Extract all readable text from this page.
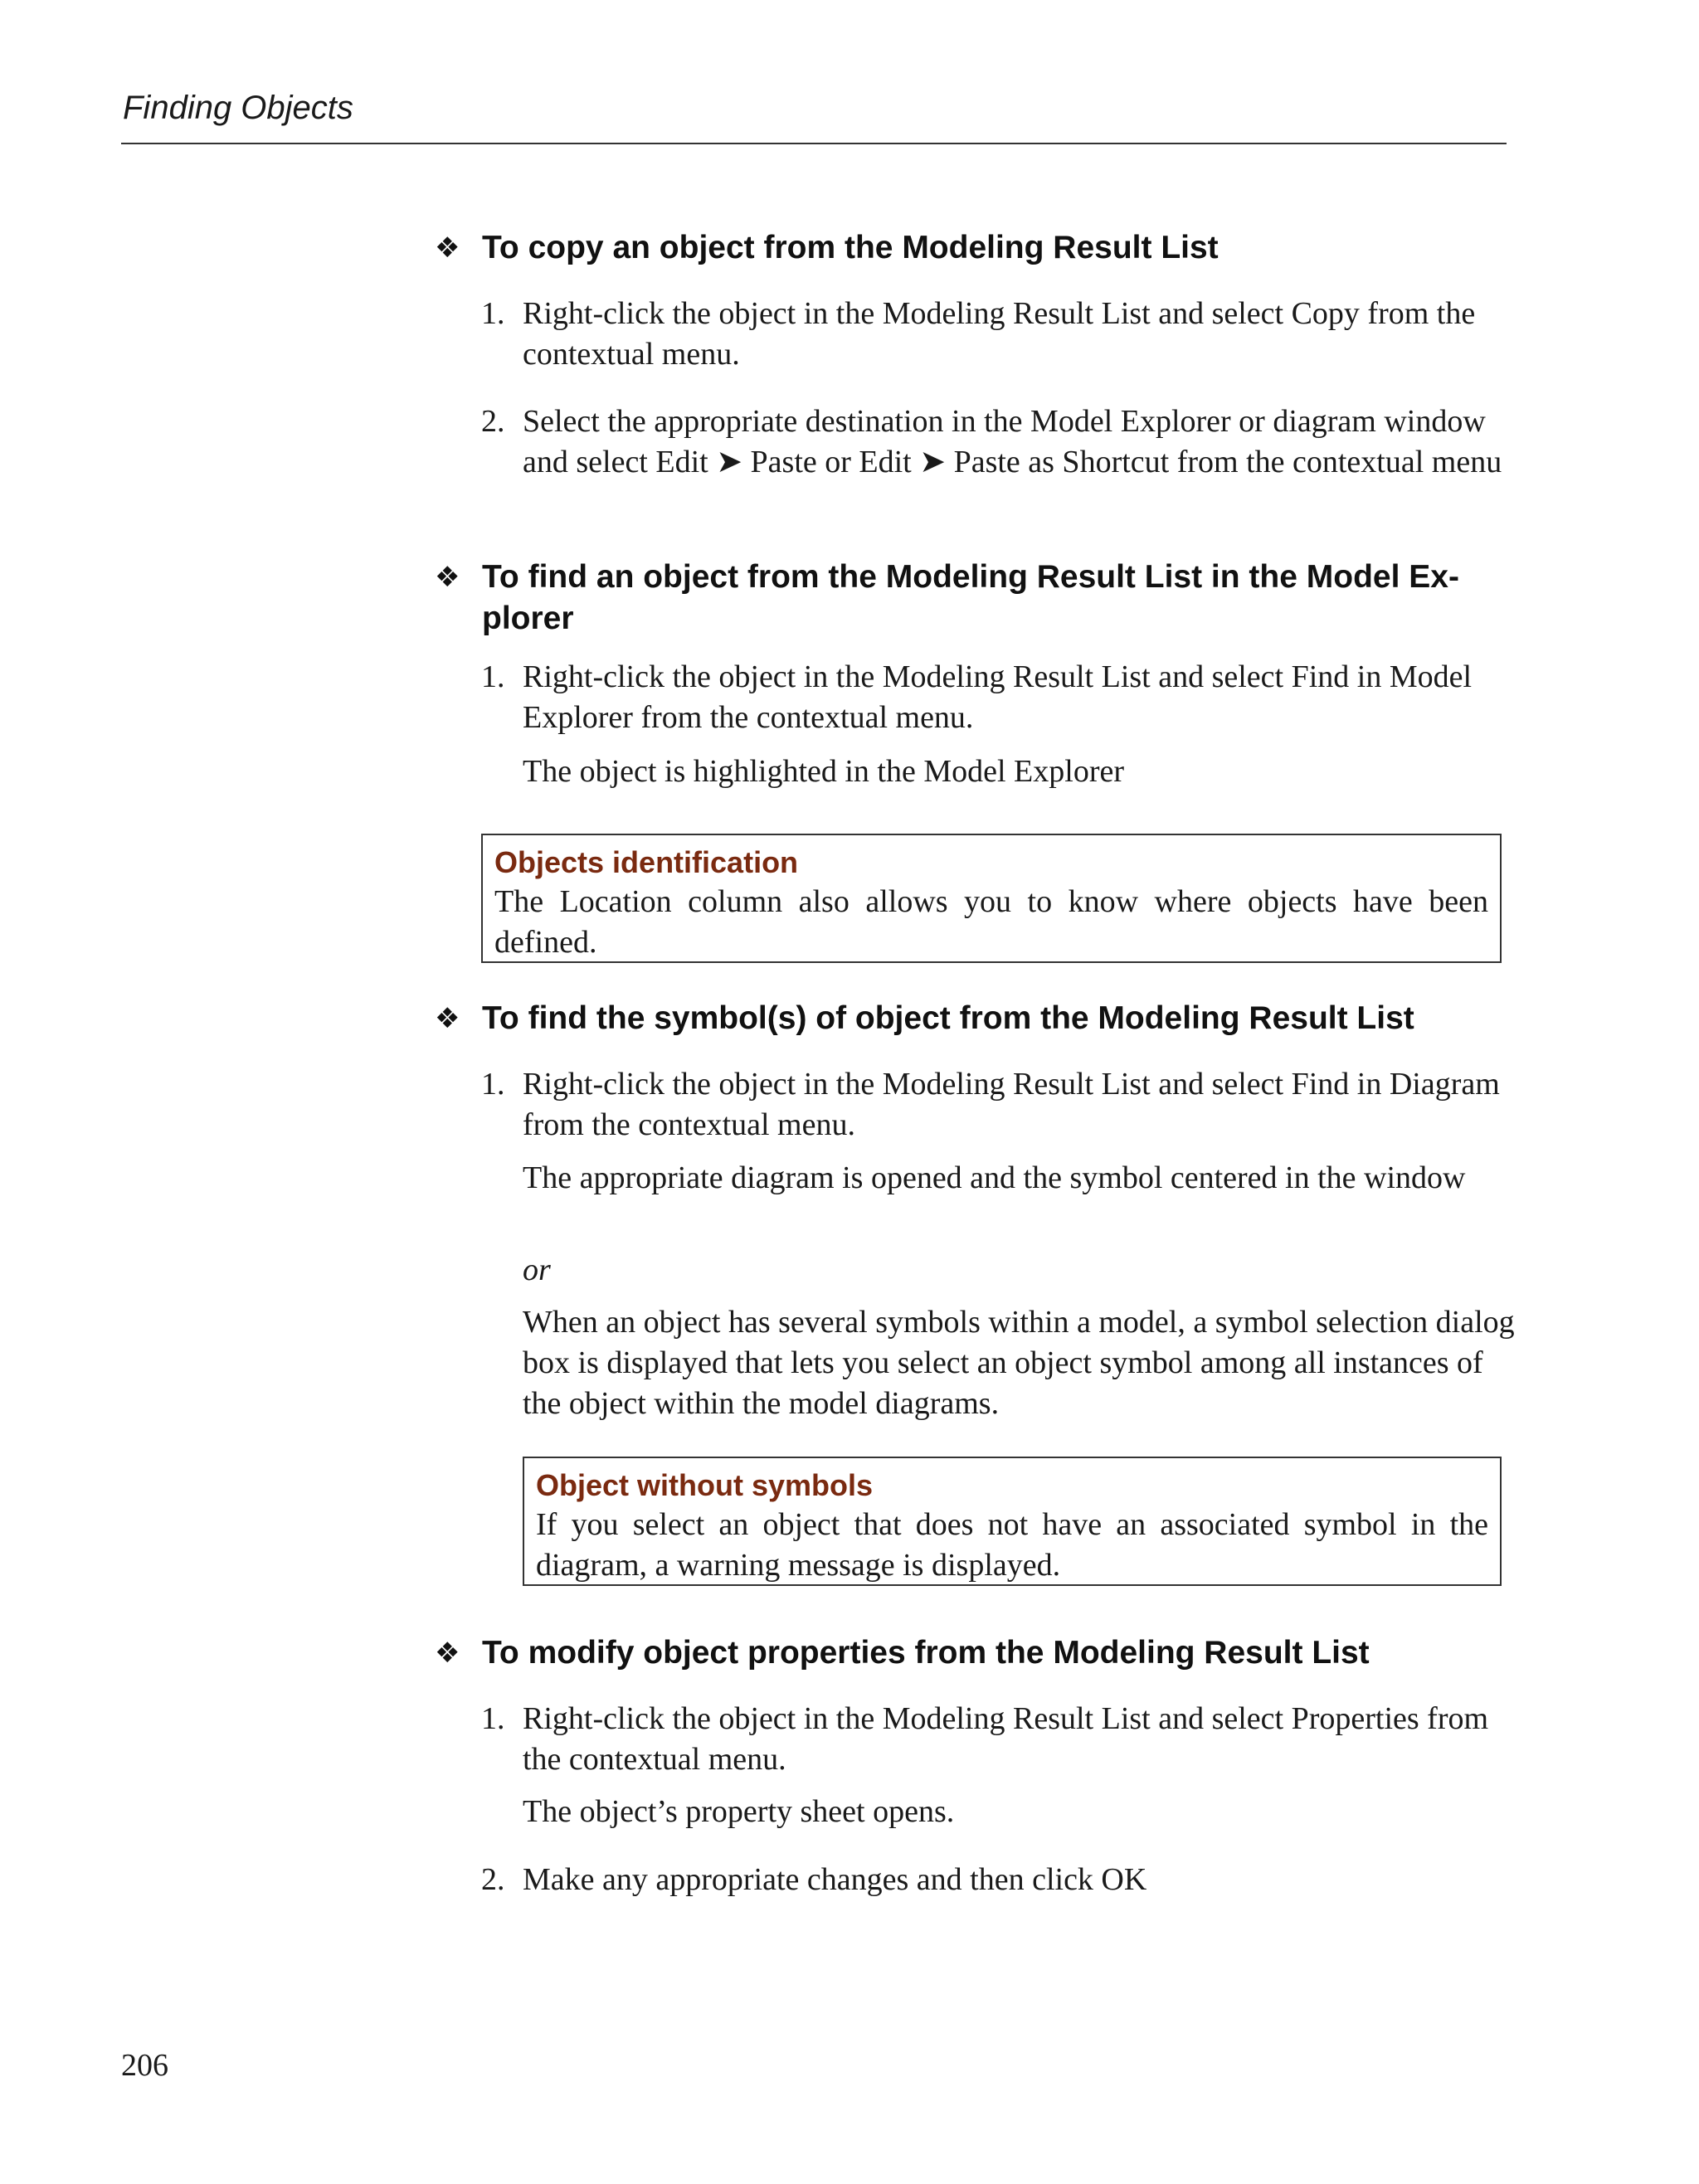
Finding Objects
❖ To copy an object from the Modeling Result List
1. Right-click the object in the Modeling Result List and select Copy from the contextual menu.
2. Select the appropriate destination in the Model Explorer or diagram window and select Edit ➤ Paste or Edit ➤ Paste as Shortcut from the contextual menu
❖ To find an object from the Modeling Result List in the Model Ex-plorer
1. Right-click the object in the Modeling Result List and select Find in Model Explorer from the contextual menu.
The object is highlighted in the Model Explorer
Objects identification
The Location column also allows you to know where objects have been defined.
❖ To find the symbol(s) of object from the Modeling Result List
1. Right-click the object in the Modeling Result List and select Find in Diagram from the contextual menu.
The appropriate diagram is opened and the symbol centered in the window
or
When an object has several symbols within a model, a symbol selection dialog box is displayed that lets you select an object symbol among all instances of the object within the model diagrams.
Object without symbols
If you select an object that does not have an associated symbol in the diagram, a warning message is displayed.
❖ To modify object properties from the Modeling Result List
1. Right-click the object in the Modeling Result List and select Properties from the contextual menu.
The object’s property sheet opens.
2. Make any appropriate changes and then click OK
206
